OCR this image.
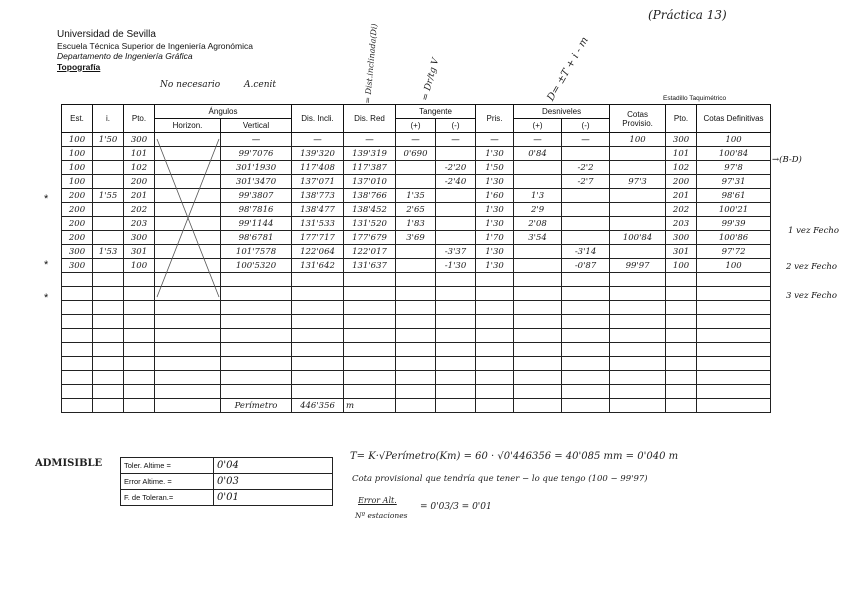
Universidad de Sevilla
Escuela Técnica Superior de Ingeniería Agronómica
Departamento de Ingeniería Gráfica
Topografía
(Práctica 13)
No necesario	A.cenit	= Dist.inclinada(Di)	= Dr/tg V	D= ±T + i - m	Estadillo Taquimétrico
Est.	i.	Pto.	Ángulos		Dis. Incli.	Dis. Red	Tangente		Pris.	Desniveles		Cotas Provisio.	Pto.	Cotas Definitivas
			Horizon.	Vertical			(+)	(-)		(+)	(-)			
100	1'50	300		—	—	—	—	—	—	—	—	100	300	100
100		101		99'7076	139'320	139'319	0'690		1'30	0'84			101	100'84
100		102		301'1930	117'408	117'387		-2'20	1'50		-2'2		102	97'8
100		200		301'3470	137'071	137'010		-2'40	1'30		-2'7	97'3	200	97'31
200	1'55	201		99'3807	138'773	138'766	1'35		1'60	1'3			201	98'61
200		202		98'7816	138'477	138'452	2'65		1'30	2'9			202	100'21
200		203		99'1144	131'533	131'520	1'83		1'30	2'08			203	99'39
200		300		98'6781	177'717	177'679	3'69		1'70	3'54		100'84	300	100'86
300	1'53	301		101'7578	122'064	122'017		-3'37	1'30		-3'14		301	97'72
300		100		100'5320	131'642	131'637		-1'30	1'30		-0'87	99'97	100	100

				Perímetro	446'356	m								
*
*
*
→(B-D)
1 vez Fecho
2 vez Fecho
3 vez Fecho
ADMISIBLE	Toler. Altime =	0'04
Error Altime. =	0'03
F. de Toleran.=	0'01
T= K·√Perímetro(Km) = 60 · √0'446356 = 40'085 mm = 0'040 m
Cota provisional que tendría que tener − lo que tengo (100 − 99'97)
Error Alt.
Nº estaciones
= 0'03/3 = 0'01
